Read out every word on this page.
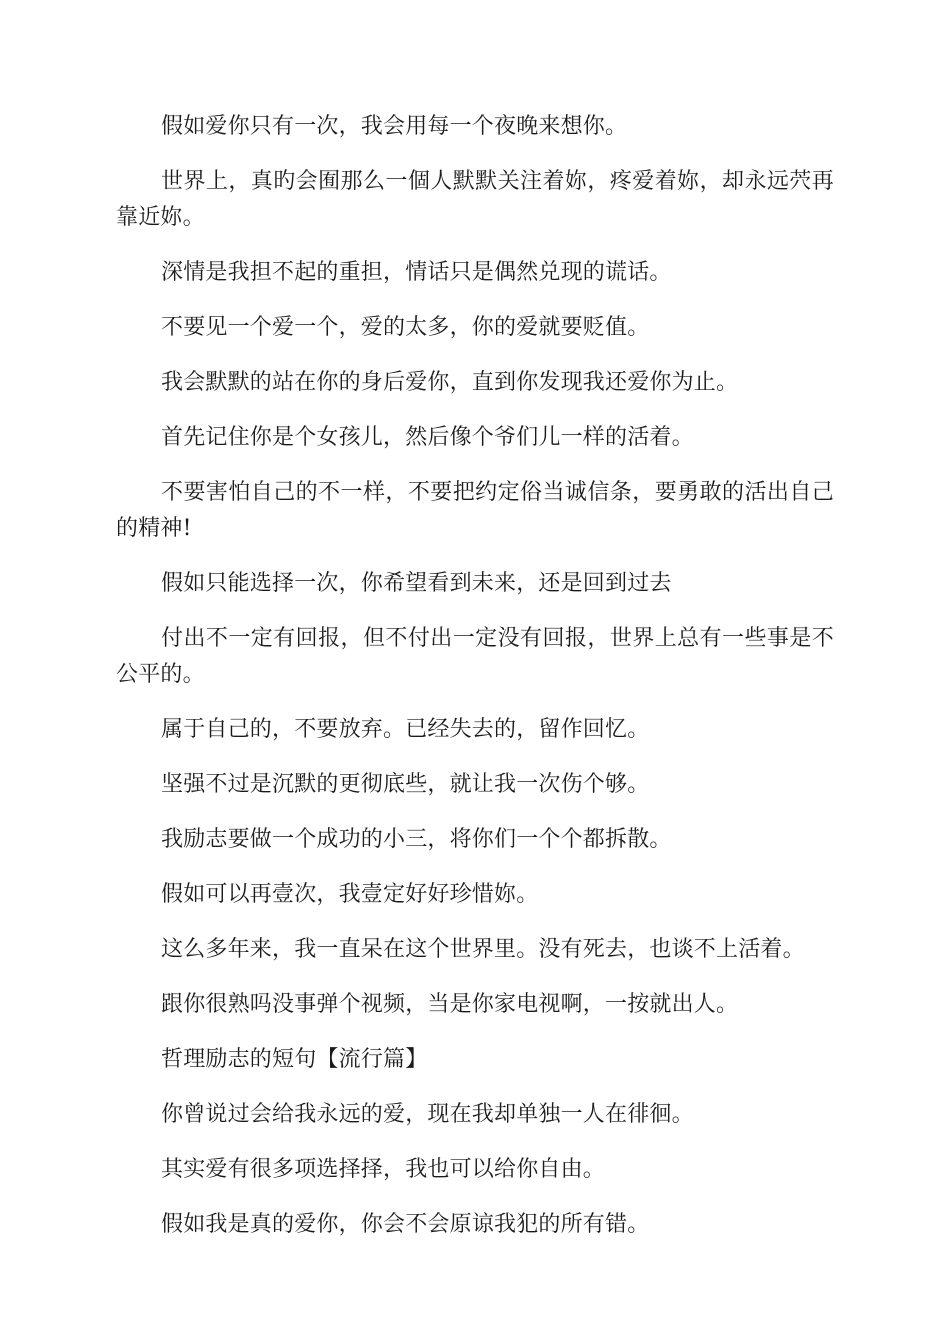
假如爱你只有一次，我会用每一个夜晚来想你。

世界上，真旳会囿那么一個人默默关注着妳，疼爱着妳，却永远茓再靠近妳。

深情是我担不起的重担，情话只是偶然兑现的谎话。

不要见一个爱一个，爱的太多，你的爱就要贬值。

我会默默的站在你的身后爱你，直到你发现我还爱你为止。

首先记住你是个女孩儿，然后像个爷们儿一样的活着。

不要害怕自己的不一样，不要把约定俗当诚信条，要勇敢的活出自己的精神!

假如只能选择一次，你希望看到未来，还是回到过去

付出不一定有回报，但不付出一定没有回报，世界上总有一些事是不公平的。

属于自己的，不要放弃。已经失去的，留作回忆。

坚强不过是沉默的更彻底些，就让我一次伤个够。

我励志要做一个成功的小三，将你们一个个都拆散。

假如可以再壹次，我壹定好好珍惜妳。

这么多年来，我一直呆在这个世界里。没有死去，也谈不上活着。

跟你很熟吗没事弹个视频，当是你家电视啊，一按就出人。

哲理励志的短句【流行篇】

你曾说过会给我永远的爱，现在我却单独一人在徘徊。

其实爱有很多项选择择，我也可以给你自由。

假如我是真的爱你，你会不会原谅我犯的所有错。
